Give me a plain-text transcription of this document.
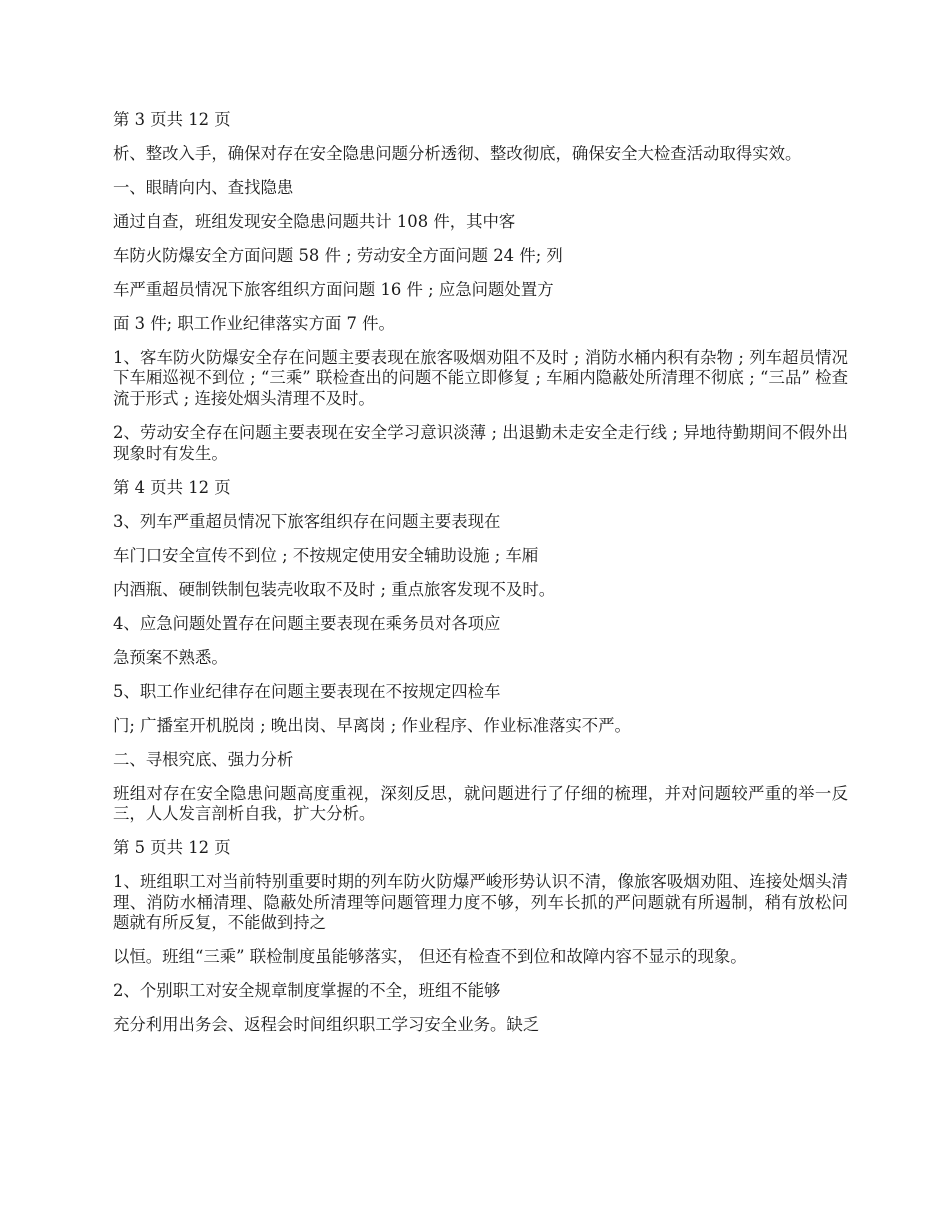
第 3 页共 12 页

析、整改入手，确保对存在安全隐患问题分析透彻、整改彻底，确保安全大检查活动取得实效。

一、眼睛向内、查找隐患

通过自查，班组发现安全隐患问题共计 108 件，其中客

车防火防爆安全方面问题 58 件 ; 劳动安全方面问题 24 件; 列

车严重超员情况下旅客组织方面问题 16 件 ; 应急问题处置方

面 3 件; 职工作业纪律落实方面 7 件。

1、客车防火防爆安全存在问题主要表现在旅客吸烟劝阻不及时 ; 消防水桶内积有杂物 ; 列车超员情况下车厢巡视不到位 ; “三乘” 联检查出的问题不能立即修复 ; 车厢内隐蔽处所清理不彻底 ; “三品” 检查流于形式 ; 连接处烟头清理不及时。

2、劳动安全存在问题主要表现在安全学习意识淡薄 ; 出退勤未走安全走行线 ; 异地待勤期间不假外出现象时有发生。

第 4 页共 12 页

3、列车严重超员情况下旅客组织存在问题主要表现在

车门口安全宣传不到位 ; 不按规定使用安全辅助设施 ; 车厢

内酒瓶、硬制铁制包装壳收取不及时 ; 重点旅客发现不及时。

4、应急问题处置存在问题主要表现在乘务员对各项应

急预案不熟悉。

5、职工作业纪律存在问题主要表现在不按规定四检车

门; 广播室开机脱岗 ; 晚出岗、早离岗 ; 作业程序、作业标准落实不严。

二、寻根究底、强力分析

班组对存在安全隐患问题高度重视，深刻反思，就问题进行了仔细的梳理，并对问题较严重的举一反三，人人发言剖析自我，扩大分析。

第 5 页共 12 页

1、班组职工对当前特别重要时期的列车防火防爆严峻形势认识不清，像旅客吸烟劝阻、连接处烟头清理、消防水桶清理、隐蔽处所清理等问题管理力度不够，列车长抓的严问题就有所遏制，稍有放松问题就有所反复，不能做到持之

以恒。班组“三乘” 联检制度虽能够落实， 但还有检查不到位和故障内容不显示的现象。

2、个别职工对安全规章制度掌握的不全，班组不能够

充分利用出务会、返程会时间组织职工学习安全业务。缺乏
